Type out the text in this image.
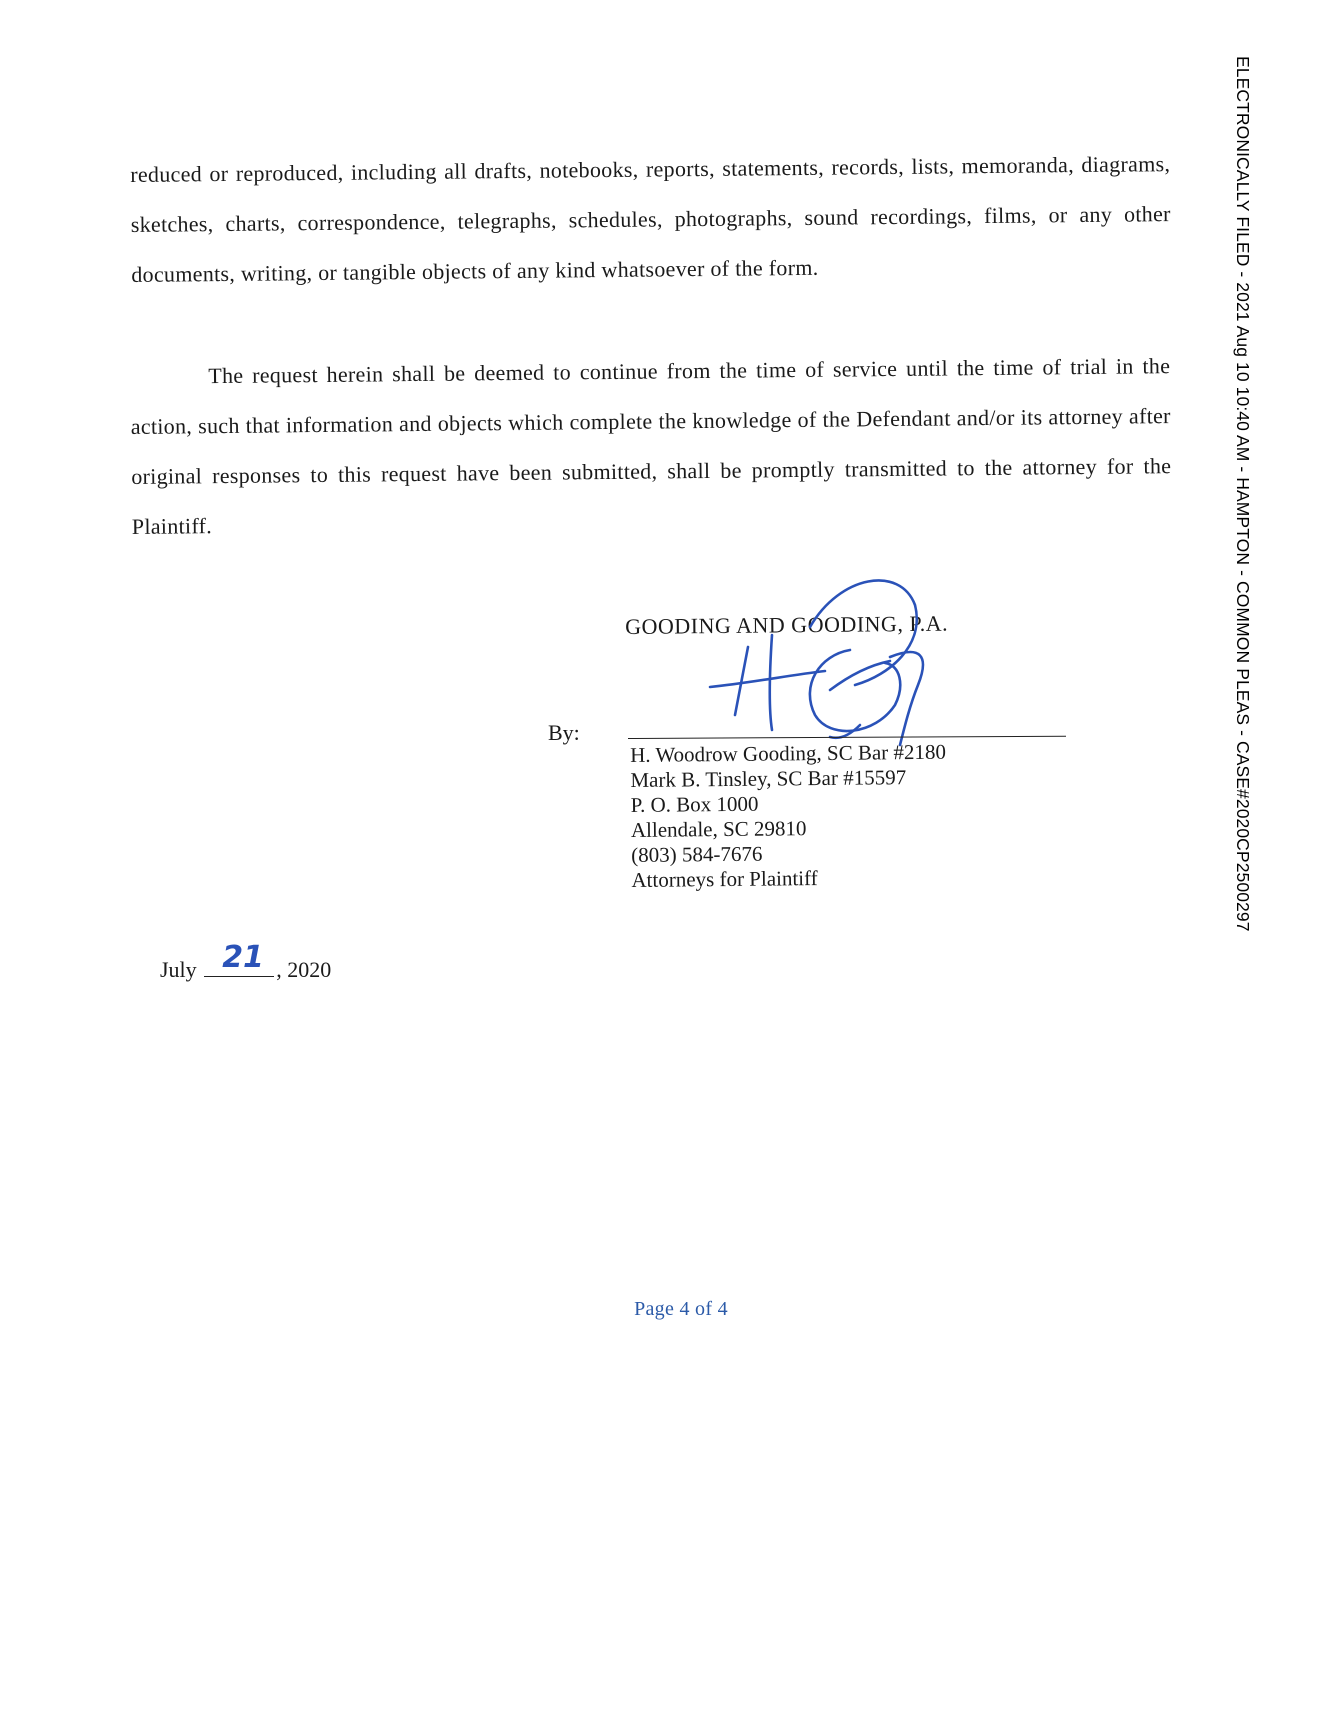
reduced or reproduced, including all drafts, notebooks, reports, statements, records, lists, memoranda, diagrams, sketches, charts, correspondence, telegraphs, schedules, photographs, sound recordings, films, or any other documents, writing, or tangible objects of any kind whatsoever of the form.

The request herein shall be deemed to continue from the time of service until the time of trial in the action, such that information and objects which complete the knowledge of the Defendant and/or its attorney after original responses to this request have been submitted, shall be promptly transmitted to the attorney for the Plaintiff.

GOODING AND GOODING, P.A.
By:
H. Woodrow Gooding, SC Bar #2180
Mark B. Tinsley, SC Bar #15597
P. O. Box 1000
Allendale, SC 29810
(803) 584-7676
Attorneys for Plaintiff
July 21 , 2020
Page 4 of 4
ELECTRONICALLY FILED - 2021 Aug 10 10:40 AM - HAMPTON - COMMON PLEAS - CASE#2020CP2500297
